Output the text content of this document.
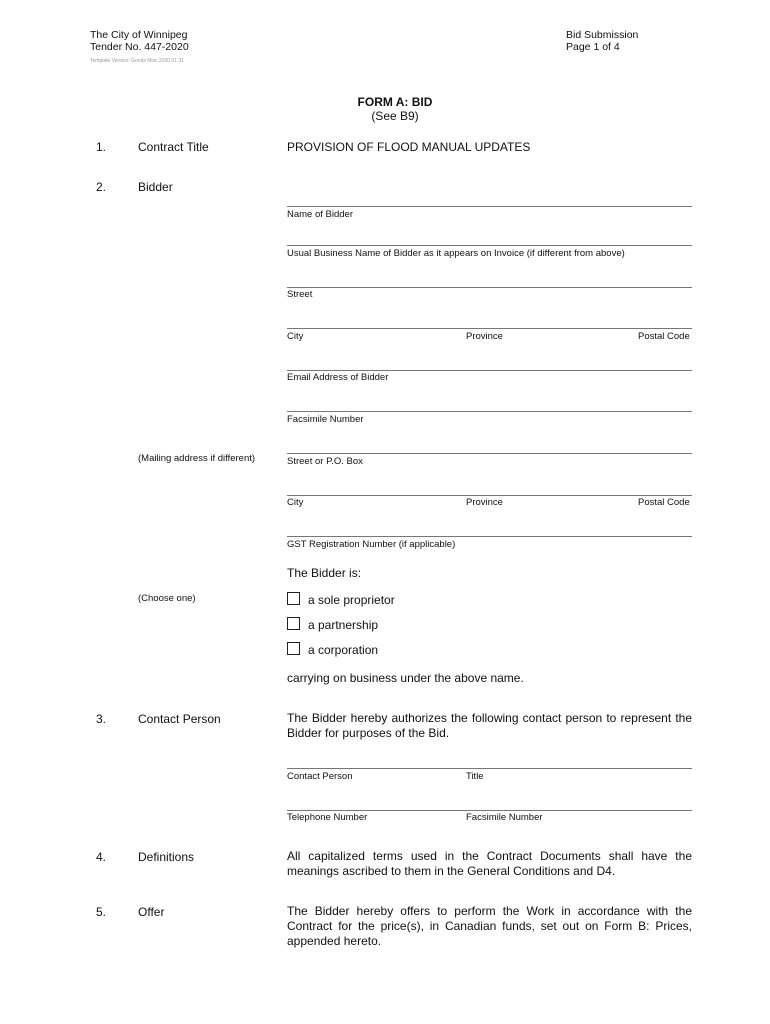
The City of Winnipeg
Tender No. 447-2020
Template Version: Goods Misc 2020 01 31
Bid Submission
Page 1 of 4
FORM A: BID
(See B9)
1.	Contract Title	PROVISION OF FLOOD MANUAL UPDATES
2.	Bidder
Name of Bidder
Usual Business Name of Bidder as it appears on Invoice (if different from above)
Street
City	Province	Postal Code
Email Address of Bidder
Facsimile Number
(Mailing address if different)	Street or P.O. Box
City	Province	Postal Code
GST Registration Number (if applicable)
The Bidder is:
(Choose one)	a sole proprietor
a partnership
a corporation
carrying on business under the above name.
3.	Contact Person	The Bidder hereby authorizes the following contact person to represent the Bidder for purposes of the Bid.
Contact Person	Title
Telephone Number	Facsimile Number
4.	Definitions	All capitalized terms used in the Contract Documents shall have the meanings ascribed to them in the General Conditions and D4.
5.	Offer	The Bidder hereby offers to perform the Work in accordance with the Contract for the price(s), in Canadian funds, set out on Form B: Prices, appended hereto.
